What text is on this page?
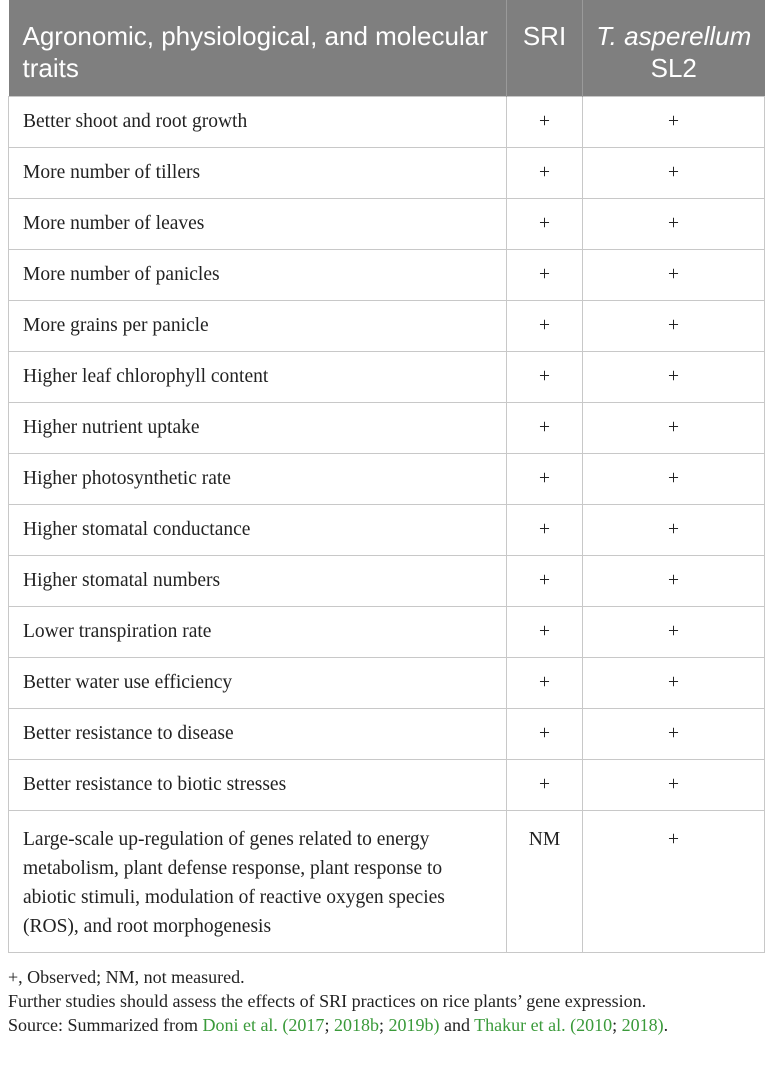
Agronomic, physiological, and molecular traits	SRI	T. asperellum
SL2
Better shoot and root growth	+	+
More number of tillers	+	+
More number of leaves	+	+
More number of panicles	+	+
More grains per panicle	+	+
Higher leaf chlorophyll content	+	+
Higher nutrient uptake	+	+
Higher photosynthetic rate	+	+
Higher stomatal conductance	+	+
Higher stomatal numbers	+	+
Lower transpiration rate	+	+
Better water use efficiency	+	+
Better resistance to disease	+	+
Better resistance to biotic stresses	+	+
Large-scale up-regulation of genes related to energy metabolism, plant defense response, plant response to abiotic stimuli, modulation of reactive oxygen species (ROS), and root morphogenesis	NM	+
+, Observed; NM, not measured.
Further studies should assess the effects of SRI practices on rice plants’ gene expression.
Source: Summarized from Doni et al. (2017; 2018b; 2019b) and Thakur et al. (2010; 2018).
